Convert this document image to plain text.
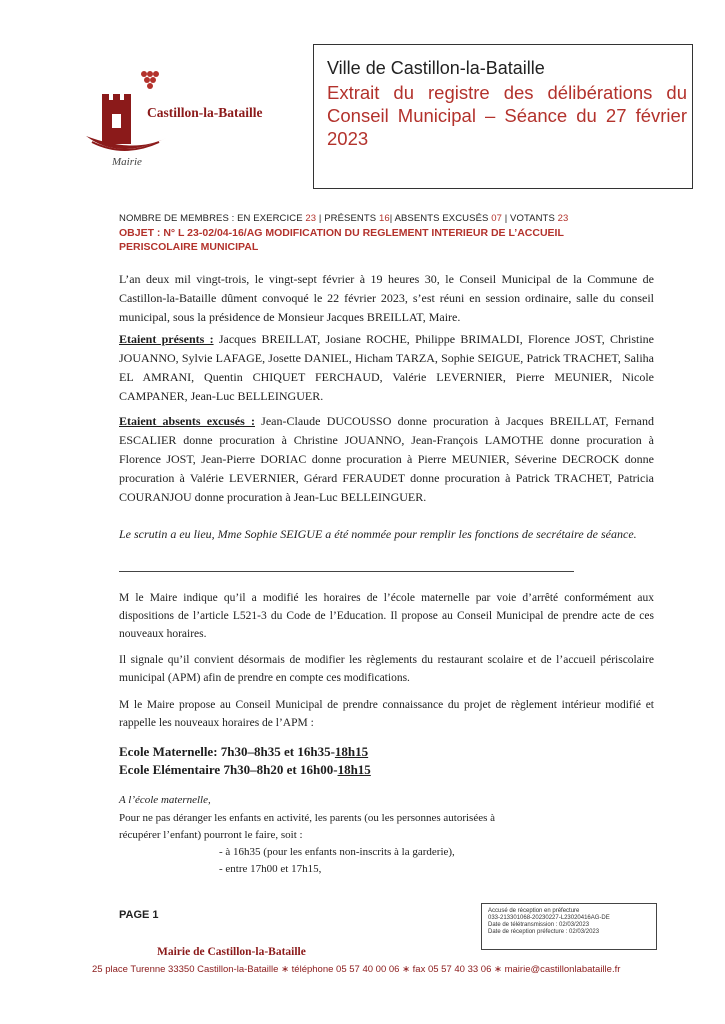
Castillon-la-Bataille
Mairie
Ville de Castillon-la-Bataille
Extrait du registre des délibérations du Conseil Municipal – Séance du 27 février 2023
NOMBRE DE MEMBRES : EN EXERCICE 23 | PRÉSENTS 16| ABSENTS EXCUSÉS 07 | VOTANTS 23
OBJET : N° L 23-02/04-16/AG MODIFICATION DU REGLEMENT INTERIEUR DE L’ACCUEIL PERISCOLAIRE MUNICIPAL
L’an deux mil vingt-trois, le vingt-sept février à 19 heures 30, le Conseil Municipal de la Commune de Castillon-la-Bataille dûment convoqué le 22 février 2023, s’est réuni en session ordinaire, salle du conseil municipal, sous la présidence de Monsieur Jacques BREILLAT, Maire.
Etaient présents : Jacques BREILLAT, Josiane ROCHE, Philippe BRIMALDI, Florence JOST, Christine JOUANNO, Sylvie LAFAGE, Josette DANIEL, Hicham TARZA, Sophie SEIGUE, Patrick TRACHET, Saliha EL AMRANI, Quentin CHIQUET FERCHAUD, Valérie LEVERNIER, Pierre MEUNIER, Nicole CAMPANER, Jean-Luc BELLEINGUER.
Etaient absents excusés : Jean-Claude DUCOUSSO donne procuration à Jacques BREILLAT, Fernand ESCALIER donne procuration à Christine JOUANNO, Jean-François LAMOTHE donne procuration à Florence JOST, Jean-Pierre DORIAC donne procuration à Pierre MEUNIER, Séverine DECROCK donne procuration à Valérie LEVERNIER, Gérard FERAUDET donne procuration à Patrick TRACHET, Patricia COURANJOU donne procuration à Jean-Luc BELLEINGUER.
Le scrutin a eu lieu, Mme Sophie SEIGUE a été nommée pour remplir les fonctions de secrétaire de séance.
M le Maire indique qu’il a modifié les horaires de l’école maternelle par voie d’arrêté conformément aux dispositions de l’article L521-3 du Code de l’Education. Il propose au Conseil Municipal de prendre acte de ces nouveaux horaires.
Il signale qu’il convient désormais de modifier les règlements du restaurant scolaire et de l’accueil périscolaire municipal (APM) afin de prendre en compte ces modifications.
M le Maire propose au Conseil Municipal de prendre connaissance du projet de règlement intérieur modifié et rappelle les nouveaux horaires de l’APM :
Ecole Maternelle: 7h30–8h35 et 16h35-18h15
Ecole Elémentaire 7h30–8h20 et 16h00-18h15
A l’école maternelle,
Pour ne pas déranger les enfants en activité, les parents (ou les personnes autorisées à récupérer l’enfant) pourront le faire, soit :
- à 16h35 (pour les enfants non-inscrits à la garderie),
- entre 17h00 et 17h15,
PAGE 1	Accusé de réception en préfecture
033-213301068-20230227-L23020416AG-DE
Date de télétransmission : 02/03/2023
Date de réception préfecture : 02/03/2023
Mairie de Castillon-la-Bataille
25 place Turenne 33350 Castillon-la-Bataille ∗ téléphone 05 57 40 00 06 ∗ fax 05 57 40 33 06 ∗ mairie@castillonlabataille.fr
